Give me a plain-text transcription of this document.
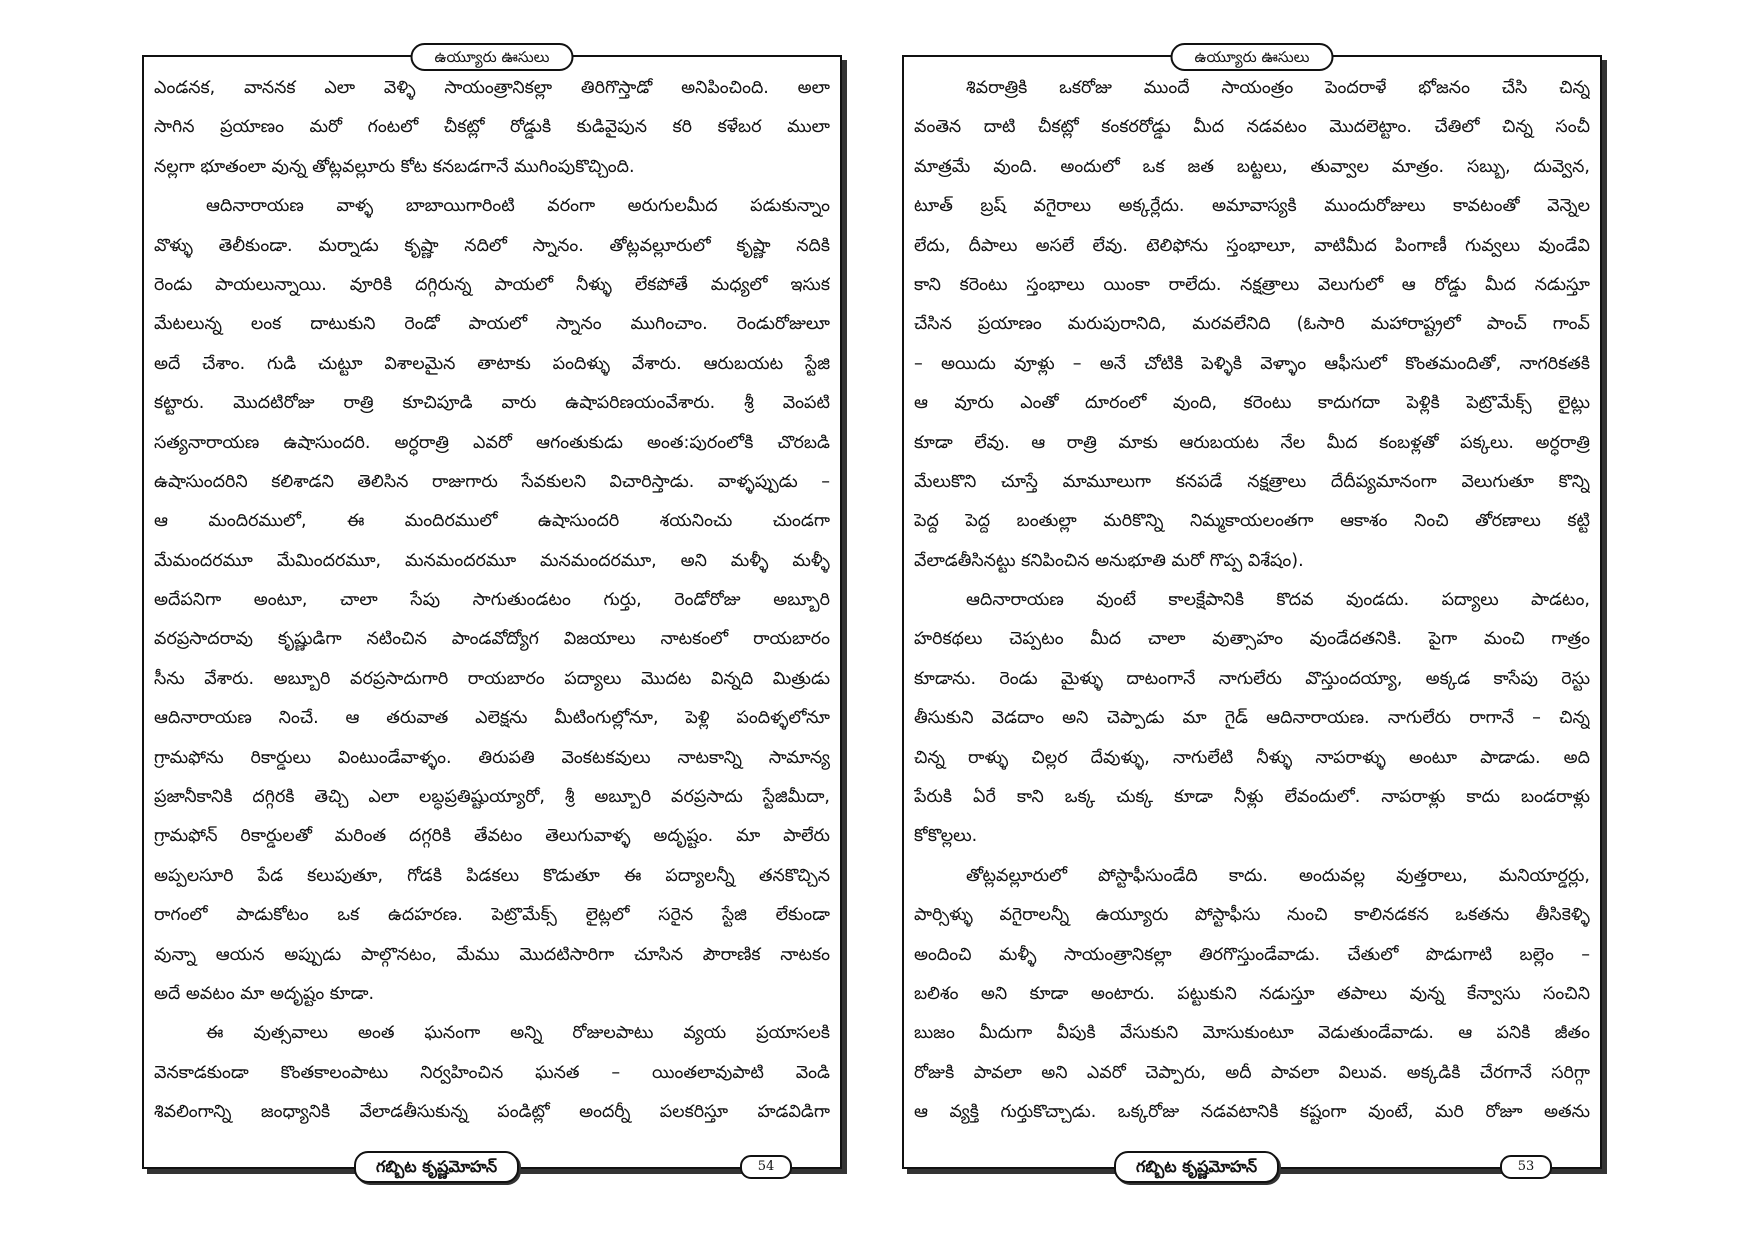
ఉయ్యూరు ఊసులు
ఎండనక, వాననక ఎలా వెళ్ళి సాయంత్రానికల్లా తిరిగొస్తాడో అనిపించింది. అలా
సాగిన ప్రయాణం మరో గంటలో చీకట్లో రోడ్డుకి కుడివైపున కరి కళేబర ములా
నల్లగా భూతంలా వున్న తోట్లవల్లూరు కోట కనబడగానే ముగింపుకొచ్చింది.
ఆదినారాయణ వాళ్ళ బాబాయిగారింటి వరంగా అరుగులమీద పడుకున్నాం
వొళ్ళు తెలీకుండా. మర్నాడు కృష్ణా నదిలో స్నానం. తోట్లవల్లూరులో కృష్ణా నదికి
రెండు పాయలున్నాయి. వూరికి దగ్గిరున్న పాయలో నీళ్ళు లేకపోతే మధ్యలో ఇసుక
మేటలున్న లంక దాటుకుని రెండో పాయలో స్నానం ముగించాం. రెండురోజులూ
అదే చేశాం. గుడి చుట్టూ విశాలమైన తాటాకు పందిళ్ళు వేశారు. ఆరుబయట స్టేజి
కట్టారు. మొదటిరోజు రాత్రి కూచిపూడి వారు ఉషాపరిణయంవేశారు. శ్రీ వెంపటి
సత్యనారాయణ ఉషాసుందరి. అర్ధరాత్రి ఎవరో ఆగంతుకుడు అంత:పురంలోకి చొరబడి
ఉషాసుందరిని కలిశాడని తెలిసిన రాజుగారు సేవకులని విచారిస్తాడు. వాళ్ళప్పుడు –
ఆ మందిరములో, ఈ మందిరములో ఉషాసుందరి శయనించు చుండగా
మేమందరమూ మేమిందరమూ, మనమందరమూ మనమందరమూ, అని మళ్ళీ మళ్ళీ
అదేపనిగా అంటూ, చాలా సేపు సాగుతుండటం గుర్తు, రెండోరోజు అబ్బూరి
వరప్రసాదరావు కృష్ణుడిగా నటించిన పాండవోద్యోగ విజయాలు నాటకంలో రాయబారం
సీను వేశారు. అబ్బూరి వరప్రసాదుగారి రాయబారం పద్యాలు మొదట విన్నది మిత్రుడు
ఆదినారాయణ నించే. ఆ తరువాత ఎలెక్షను మీటింగుల్లోనూ, పెళ్లి పందిళ్ళలోనూ
గ్రామఫోను రికార్డులు వింటుండేవాళ్ళం. తిరుపతి వెంకటకవులు నాటకాన్ని సామాన్య
ప్రజానీకానికి దగ్గిరకి తెచ్చి ఎలా లబ్ధప్రతిష్టుయ్యారో, శ్రీ అబ్బూరి వరప్రసాదు స్టేజిమీదా,
గ్రామఫోన్ రికార్డులతో మరింత దగ్గరికి తేవటం తెలుగువాళ్ళ అదృష్టం. మా పాలేరు
అప్పలసూరి పేడ కలుపుతూ, గోడకి పిడకలు కొడుతూ ఈ పద్యాలన్నీ తనకొచ్చిన
రాగంలో పాడుకోటం ఒక ఉదహరణ. పెట్రొమేక్స్ లైట్లలో సరైన స్టేజి లేకుండా
వున్నా ఆయన అప్పుడు పాల్గొనటం, మేము మొదటిసారిగా చూసిన పౌరాణిక నాటకం
అదే అవటం మా అదృష్టం కూడా.
ఈ వుత్సవాలు అంత ఘనంగా అన్ని రోజులపాటు వ్యయ ప్రయాసలకి
వెనకాడకుండా కొంతకాలంపాటు నిర్వహించిన ఘనత – యింతలావుపాటి వెండి
శివలింగాన్ని జంధ్యానికి వేలాడతీసుకున్న పండిట్లో అందర్నీ పలకరిస్తూ హడవిడిగా
గబ్బిట కృష్ణమోహన్	54
ఉయ్యూరు ఊసులు
శివరాత్రికి ఒకరోజు ముందే సాయంత్రం పెందరాళే భోజనం చేసి చిన్న
వంతెన దాటి చీకట్లో కంకరరోడ్డు మీద నడవటం మొదలెట్టాం. చేతిలో చిన్న సంచీ
మాత్రమే వుంది. అందులో ఒక జత బట్టలు, తువ్వాల మాత్రం. సబ్బు, దువ్వెన,
టూత్ బ్రష్ వగైరాలు అక్కర్లేదు. అమావాస్యకి ముందురోజులు కావటంతో వెన్నెల
లేదు, దీపాలు అసలే లేవు. టెలిఫోను స్తంభాలూ, వాటిమీద పింగాణీ గువ్వలు వుండేవి
కాని కరెంటు స్తంభాలు యింకా రాలేదు. నక్షత్రాలు వెలుగులో ఆ రోడ్డు మీద నడుస్తూ
చేసిన ప్రయాణం మరుపురానిది, మరవలేనిది (ఓసారి మహారాష్ట్రలో పాంచ్ గాంవ్
– అయిదు వూళ్లు – అనే చోటికి పెళ్ళికి వెళ్ళాం ఆఫీసులో కొంతమందితో, నాగరికతకి
ఆ వూరు ఎంతో దూరంలో వుంది, కరెంటు కాదుగదా పెళ్లికి పెట్రొమేక్స్ లైట్లు
కూడా లేవు. ఆ రాత్రి మాకు ఆరుబయట నేల మీద కంబళ్లతో పక్కలు. అర్ధరాత్రి
మేలుకొని చూస్తే మామూలుగా కనపడే నక్షత్రాలు దేదీప్యమానంగా వెలుగుతూ కొన్ని
పెద్ద పెద్ద బంతుల్లా మరికొన్ని నిమ్మకాయలంతగా ఆకాశం నించి తోరణాలు కట్టి
వేలాడతీసినట్టు కనిపించిన అనుభూతి మరో గొప్ప విశేషం).
ఆదినారాయణ వుంటే కాలక్షేపానికి కొదవ వుండదు. పద్యాలు పాడటం,
హరికథలు చెప్పటం మీద చాలా వుత్సాహం వుండేదతనికి. పైగా మంచి గాత్రం
కూడాను. రెండు మైళ్ళు దాటంగానే నాగులేరు వొస్తుందయ్యా, అక్కడ కాసేపు రెస్టు
తీసుకుని వెడదాం అని చెప్పాడు మా గైడ్ ఆదినారాయణ. నాగులేరు రాగానే – చిన్న
చిన్న రాళ్ళు చిల్లర దేవుళ్ళు, నాగులేటి నీళ్ళు నాపరాళ్ళు అంటూ పాడాడు. అది
పేరుకి ఏరే కాని ఒక్క చుక్క కూడా నీళ్లు లేవందులో. నాపరాళ్లు కాదు బండరాళ్లు
కోకొల్లలు.
తోట్లవల్లూరులో పోస్టాఫీసుండేది కాదు. అందువల్ల వుత్తరాలు, మనియార్డర్లు,
పార్సిళ్ళు వగైరాలన్నీ ఉయ్యూరు పోస్టాఫీసు నుంచి కాలినడకన ఒకతను తీసికెళ్ళి
అందించి మళ్ళీ సాయంత్రానికల్లా తిరగొస్తుండేవాడు. చేతులో పొడుగాటి బల్లెం –
బలిశం అని కూడా అంటారు. పట్టుకుని నడుస్తూ తపాలు వున్న కేన్వాసు సంచిని
బుజం మీదుగా వీపుకి వేసుకుని మోసుకుంటూ వెడుతుండేవాడు. ఆ పనికి జీతం
రోజుకి పావలా అని ఎవరో చెప్పారు, అదీ పావలా విలువ. అక్కడికి చేరగానే సరిగ్గా
ఆ వ్యక్తి గుర్తుకొచ్చాడు. ఒక్కరోజు నడవటానికి కష్టంగా వుంటే, మరి రోజూ అతను
గబ్బిట కృష్ణమోహన్	53
